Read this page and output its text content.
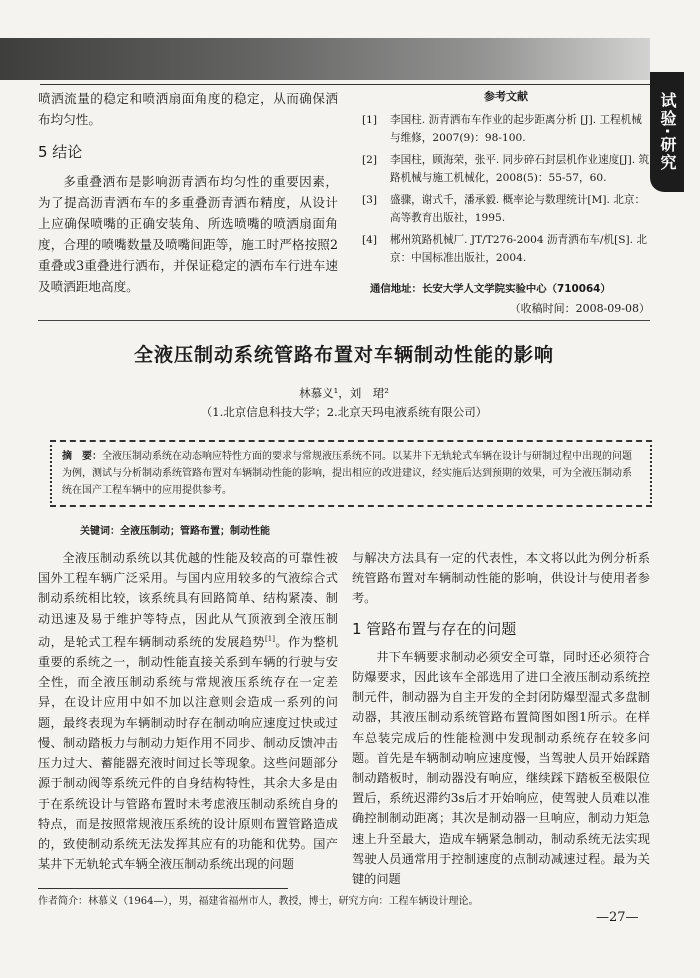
试验·研究

喷洒流量的稳定和喷洒扇面角度的稳定，从而确保洒布均匀性。

5 结论

多重叠洒布是影响沥青洒布均匀性的重要因素，为了提高沥青洒布车的多重叠沥青洒布精度，从设计上应确保喷嘴的正确安装角、所选喷嘴的喷洒扇面角度，合理的喷嘴数量及喷嘴间距等，施工时严格按照2重叠或3重叠进行洒布，并保证稳定的洒布车行进车速及喷洒距地高度。

参考文献
[1]	李国柱. 沥青洒布车作业的起步距离分析 [J]. 工程机械与维修，2007(9)：98-100.
[2]	李国柱，顾海荣，张平. 同步碎石封层机作业速度[J]. 筑路机械与施工机械化，2008(5)：55-57，60.
[3]	盛骤，谢式千，潘承毅. 概率论与数理统计[M]. 北京：高等教育出版社，1995.
[4]	郴州筑路机械厂. JT/T276-2004 沥青洒布车/机[S]. 北京：中国标准出版社，2004.
通信地址：长安大学人文学院实验中心（710064）
（收稿时间：2008-09-08）
全液压制动系统管路布置对车辆制动性能的影响
林慕义¹，刘　珺²
（1.北京信息科技大学；2.北京天玛电液系统有限公司）
摘　要：全液压制动系统在动态响应特性方面的要求与常规液压系统不同。以某井下无轨轮式车辆在设计与研制过程中出现的问题为例，测试与分析制动系统管路布置对车辆制动性能的影响，提出相应的改进建议，经实施后达到预期的效果，可为全液压制动系统在国产工程车辆中的应用提供参考。
关键词：全液压制动；管路布置；制动性能

全液压制动系统以其优越的性能及较高的可靠性被国外工程车辆广泛采用。与国内应用较多的气液综合式制动系统相比较，该系统具有回路简单、结构紧凑、制动迅速及易于维护等特点，因此从气顶液到全液压制动，是轮式工程车辆制动系统的发展趋势[1]。作为整机重要的系统之一，制动性能直接关系到车辆的行驶与安全性，而全液压制动系统与常规液压系统存在一定差异，在设计应用中如不加以注意则会造成一系列的问题，最终表现为车辆制动时存在制动响应速度过快或过慢、制动踏板力与制动力矩作用不同步、制动反馈冲击压力过大、蓄能器充液时间过长等现象。这些问题部分源于制动阀等系统元件的自身结构特性，其余大多是由于在系统设计与管路布置时未考虑液压制动系统自身的特点，而是按照常规液压系统的设计原则布置管路造成的，致使制动系统无法发挥其应有的功能和优势。国产某井下无轨轮式车辆全液压制动系统出现的问题

与解决方法具有一定的代表性，本文将以此为例分析系统管路布置对车辆制动性能的影响，供设计与使用者参考。

1 管路布置与存在的问题

井下车辆要求制动必须安全可靠，同时还必须符合防爆要求，因此该车全部选用了进口全液压制动系统控制元件，制动器为自主开发的全封闭防爆型湿式多盘制动器，其液压制动系统管路布置简图如图1所示。在样车总装完成后的性能检测中发现制动系统存在较多问题。首先是车辆制动响应速度慢，当驾驶人员开始踩踏制动踏板时，制动器没有响应，继续踩下踏板至极限位置后，系统迟滞约3s后才开始响应，使驾驶人员难以准确控制制动距离；其次是制动器一旦响应，制动力矩急速上升至最大，造成车辆紧急制动，制动系统无法实现驾驶人员通常用于控制速度的点制动减速过程。最为关键的问题

作者简介：林慕义（1964—），男，福建省福州市人，教授，博士，研究方向：工程车辆设计理论。
—27—
